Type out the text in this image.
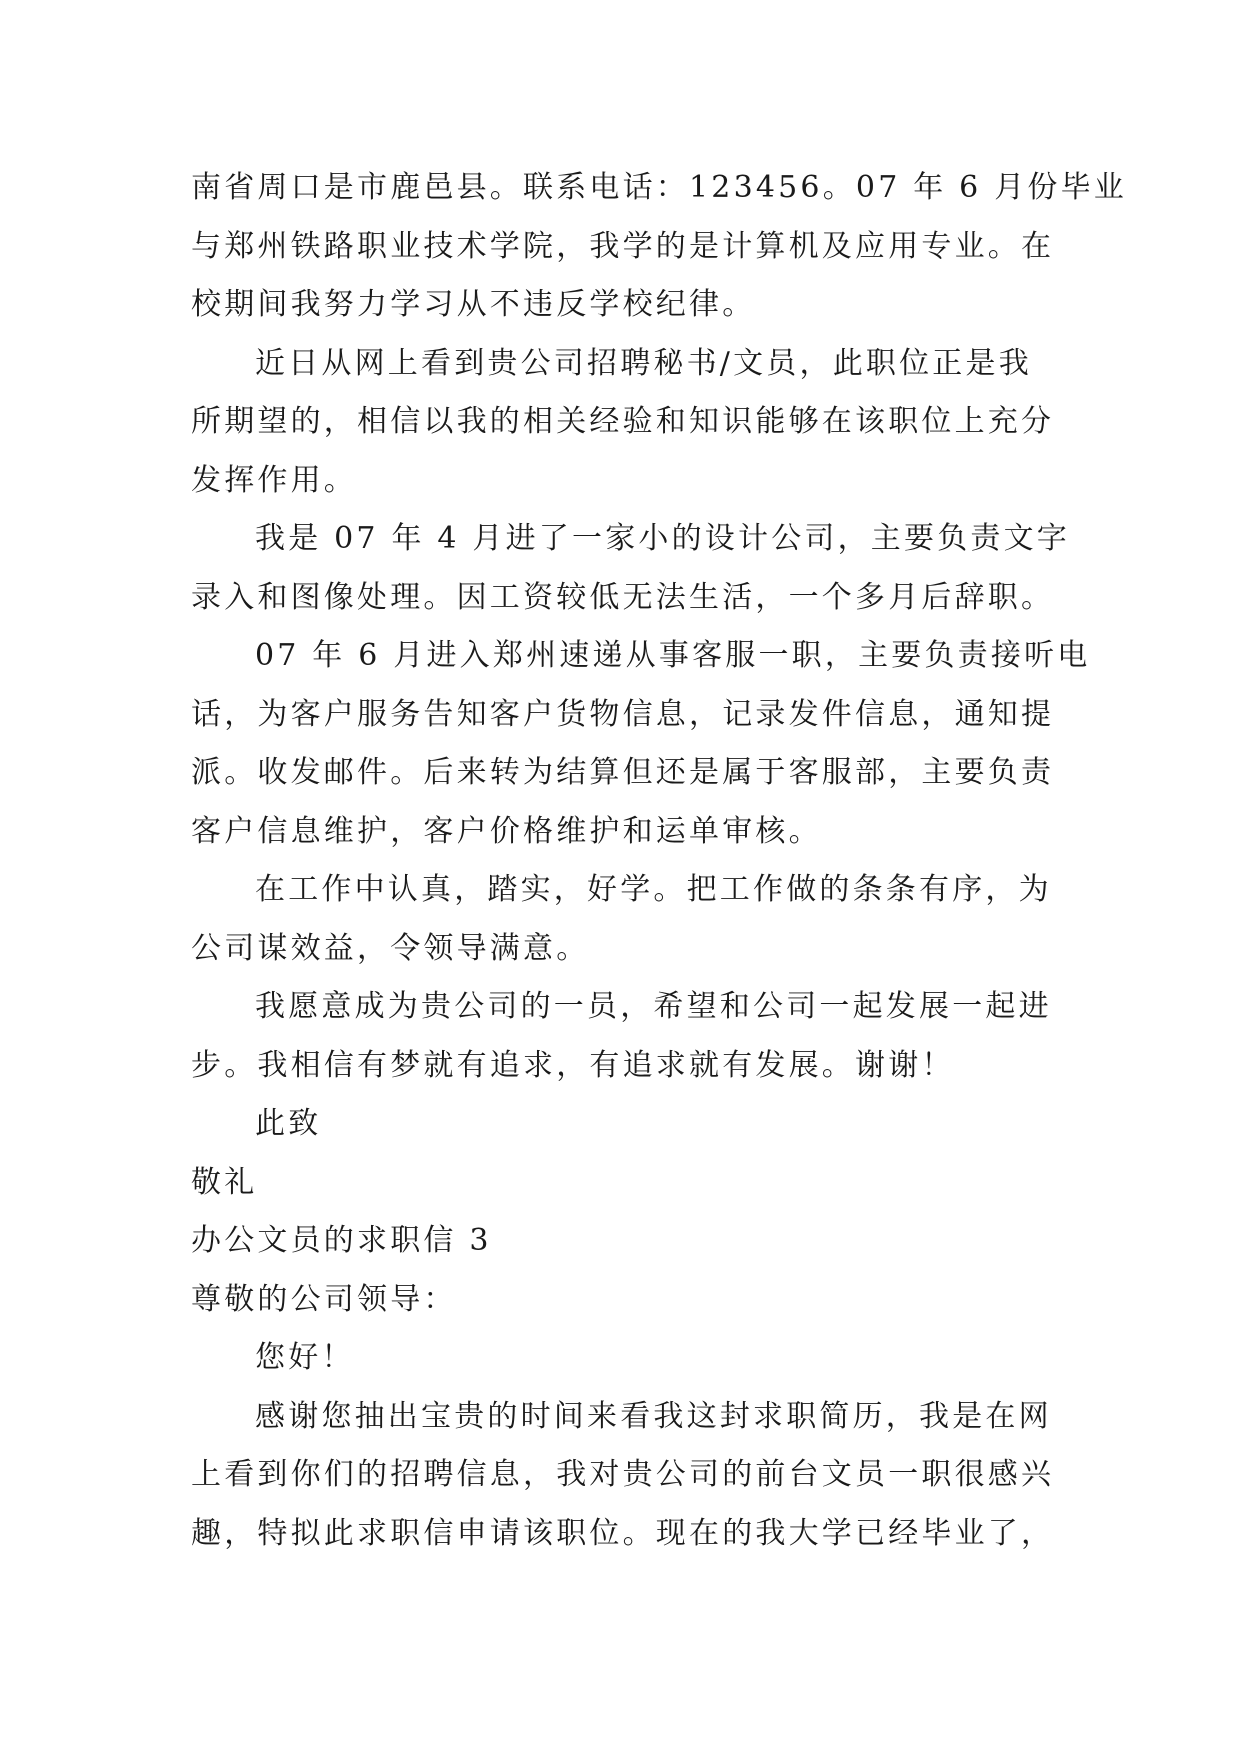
南省周口是市鹿邑县。联系电话：123456。07 年 6 月份毕业
与郑州铁路职业技术学院，我学的是计算机及应用专业。在
校期间我努力学习从不违反学校纪律。
近日从网上看到贵公司招聘秘书/文员，此职位正是我
所期望的，相信以我的相关经验和知识能够在该职位上充分
发挥作用。
我是 07 年 4 月进了一家小的设计公司，主要负责文字
录入和图像处理。因工资较低无法生活，一个多月后辞职。
07 年 6 月进入郑州速递从事客服一职，主要负责接听电
话，为客户服务告知客户货物信息，记录发件信息，通知提
派。收发邮件。后来转为结算但还是属于客服部，主要负责
客户信息维护，客户价格维护和运单审核。
在工作中认真，踏实，好学。把工作做的条条有序，为
公司谋效益，令领导满意。
我愿意成为贵公司的一员，希望和公司一起发展一起进
步。我相信有梦就有追求，有追求就有发展。谢谢！
此致
敬礼
办公文员的求职信 3
尊敬的公司领导：
您好！
感谢您抽出宝贵的时间来看我这封求职简历，我是在网
上看到你们的招聘信息，我对贵公司的前台文员一职很感兴
趣，特拟此求职信申请该职位。现在的我大学已经毕业了，
